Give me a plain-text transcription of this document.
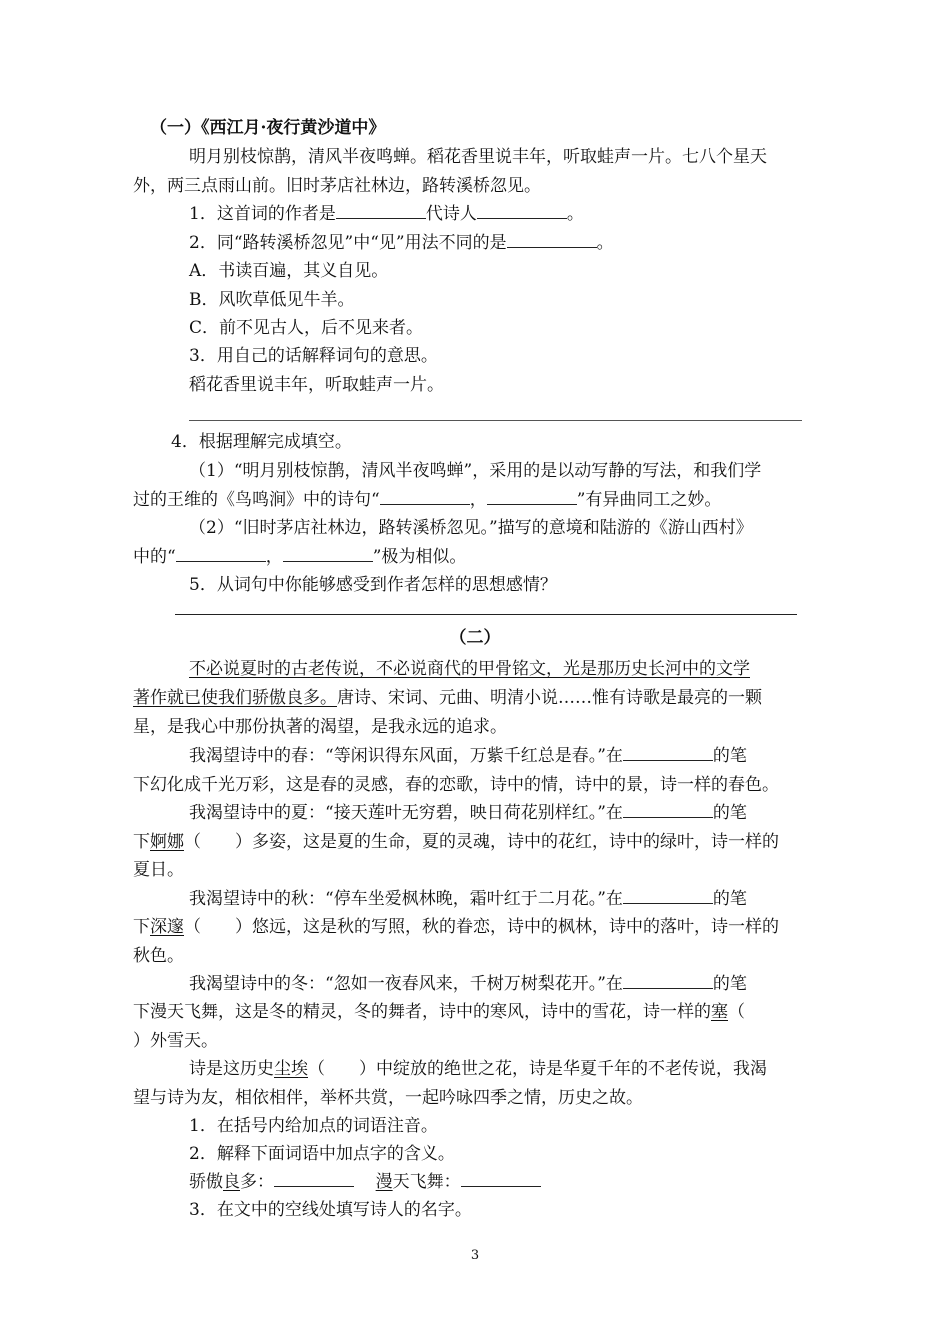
（一）《西江月·夜行黄沙道中》

明月别枝惊鹊，清风半夜鸣蝉。稻花香里说丰年，听取蛙声一片。七八个星天

外，两三点雨山前。旧时茅店社林边，路转溪桥忽见。

1．这首词的作者是	代诗人	。

2．同“路转溪桥忽见”中“见”用法不同的是	。

A．书读百遍，其义自见。

B．风吹草低见牛羊。

C．前不见古人，后不见来者。

3．用自己的话解释词句的意思。

稻花香里说丰年，听取蛙声一片。

4．根据理解完成填空。

（1）“明月别枝惊鹊，清风半夜鸣蝉”，采用的是以动写静的写法，和我们学

过的王维的《鸟鸣涧》中的诗句“	，	”有异曲同工之妙。

（2）“旧时茅店社林边，路转溪桥忽见。”描写的意境和陆游的《游山西村》

中的“	，	”极为相似。

5．从词句中你能够感受到作者怎样的思想感情？

（二）

不必说夏时的古老传说，不必说商代的甲骨铭文，光是那历史长河中的文学

著作就已使我们骄傲良多。唐诗、宋词、元曲、明清小说……惟有诗歌是最亮的一颗

星，是我心中那份执著的渴望，是我永远的追求。

我渴望诗中的春：“等闲识得东风面，万紫千红总是春。”在	的笔

下幻化成千光万彩，这是春的灵感，春的恋歌，诗中的情，诗中的景，诗一样的春色。

我渴望诗中的夏：“接天莲叶无穷碧，映日荷花别样红。”在	的笔

下婀娜（　　）多姿，这是夏的生命，夏的灵魂，诗中的花红，诗中的绿叶，诗一样的

夏日。

我渴望诗中的秋：“停车坐爱枫林晚，霜叶红于二月花。”在	的笔

下深邃（　　）悠远，这是秋的写照，秋的眷恋，诗中的枫林，诗中的落叶，诗一样的

秋色。

我渴望诗中的冬：“忽如一夜春风来，千树万树梨花开。”在	的笔

下漫天飞舞，这是冬的精灵，冬的舞者，诗中的寒风，诗中的雪花，诗一样的塞（

）外雪天。

诗是这历史尘埃（　　）中绽放的绝世之花，诗是华夏千年的不老传说，我渴

望与诗为友，相依相伴，举杯共赏，一起吟咏四季之情，历史之故。

1．在括号内给加点的词语注音。

2．解释下面词语中加点字的含义。

骄傲良多：	漫天飞舞：

3．在文中的空线处填写诗人的名字。

3
